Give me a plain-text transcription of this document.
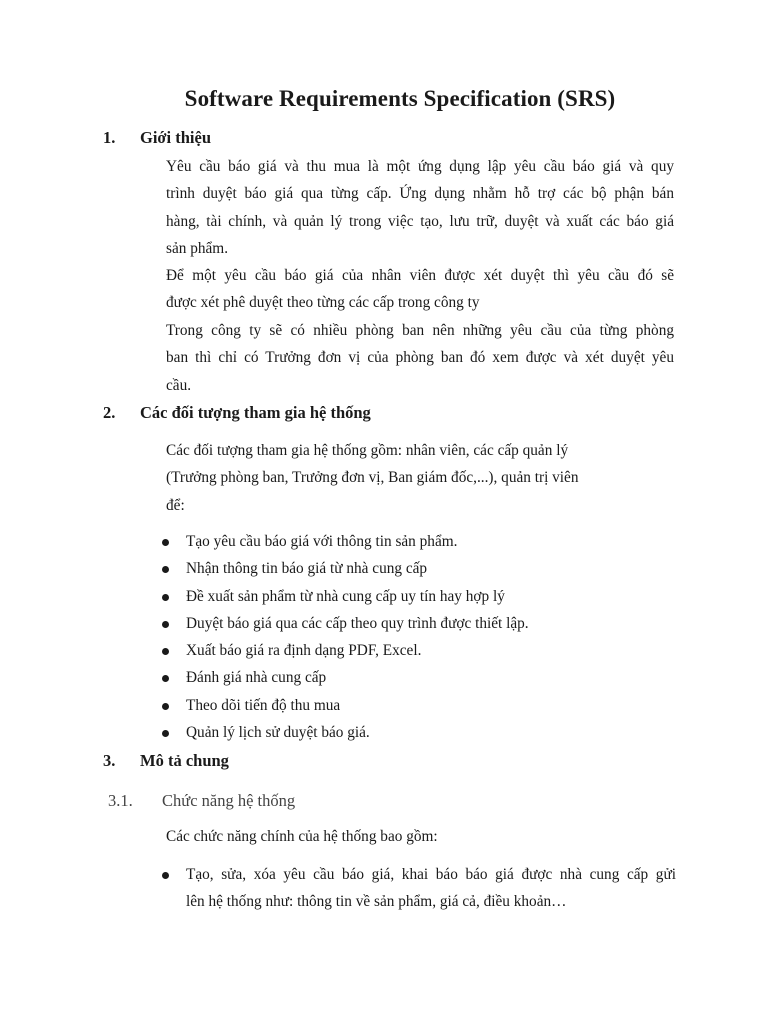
Software Requirements Specification (SRS)
1. Giới thiệu
Yêu cầu báo giá và thu mua là một ứng dụng lập yêu cầu báo giá và quy
trình duyệt báo giá qua từng cấp. Ứng dụng nhằm hỗ trợ các bộ phận bán
hàng, tài chính, và quản lý trong việc tạo, lưu trữ, duyệt và xuất các báo giá
sản phẩm.
Để một yêu cầu báo giá của nhân viên được xét duyệt thì yêu cầu đó sẽ
được xét phê duyệt theo từng các cấp trong công ty
Trong công ty sẽ có nhiều phòng ban nên những yêu cầu của từng phòng
ban thì chỉ có Trưởng đơn vị của phòng ban đó xem được và xét duyệt yêu
cầu.
2. Các đối tượng tham gia hệ thống
Các đối tượng tham gia hệ thống gồm: nhân viên, các cấp quản lý
(Trưởng phòng ban, Trưởng đơn vị, Ban giám đốc,...), quản trị viên
để:
Tạo yêu cầu báo giá với thông tin sản phẩm.
Nhận thông tin báo giá từ nhà cung cấp
Đề xuất sản phẩm từ nhà cung cấp uy tín hay hợp lý
Duyệt báo giá qua các cấp theo quy trình được thiết lập.
Xuất báo giá ra định dạng PDF, Excel.
Đánh giá nhà cung cấp
Theo dõi tiến độ thu mua
Quản lý lịch sử duyệt báo giá.
3. Mô tả chung
3.1. Chức năng hệ thống
Các chức năng chính của hệ thống bao gồm:
Tạo, sửa, xóa yêu cầu báo giá, khai báo báo giá được nhà cung cấp gửi
lên hệ thống như: thông tin về sản phẩm, giá cả, điều khoản…
